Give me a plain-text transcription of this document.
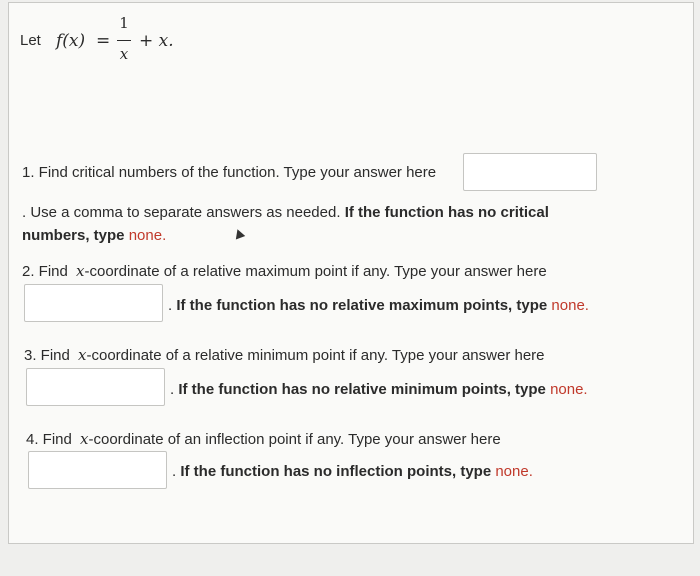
Let f(x) =
1
x
+ x.
1. Find critical numbers of the function. Type your answer here
. Use a comma to separate answers as needed. If the function has no critical
numbers, type none.
2. Find x-coordinate of a relative maximum point if any. Type your answer here
. If the function has no relative maximum points, type none.
3. Find x-coordinate of a relative minimum point if any. Type your answer here
. If the function has no relative minimum points, type none.
4. Find x-coordinate of an inflection point if any. Type your answer here
. If the function has no inflection points, type none.
